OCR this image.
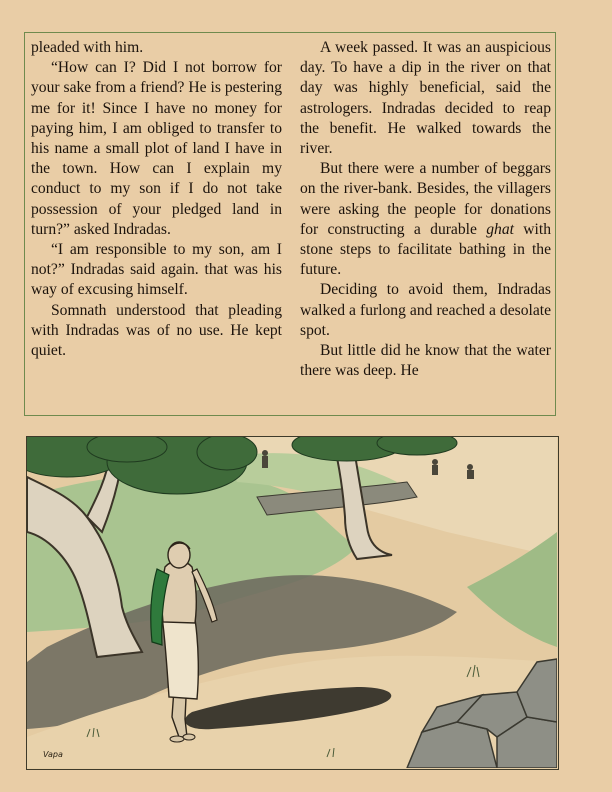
pleaded with him.

“How can I? Did I not borrow for your sake from a friend? He is pestering me for it! Since I have no money for paying him, I am obliged to transfer to his name a small plot of land I have in the town. How can I explain my conduct to my son if I do not take possession of your pledged land in turn?” asked Indradas.

“I am responsible to my son, am I not?” Indradas said again. that was his way of excusing himself.

Somnath understood that pleading with Indradas was of no use. He kept quiet.

A week passed. It was an auspicious day. To have a dip in the river on that day was highly beneficial, said the astrologers. Indradas decided to reap the benefit. He walked towards the river.

But there were a number of beggars on the river-bank. Besides, the villagers were asking the people for donations for constructing a durable ghat with stone steps to facilitate bathing in the future.

Deciding to avoid them, Indradas walked a furlong and reached a desolate spot.

But little did he know that the water there was deep. He

Vapa
